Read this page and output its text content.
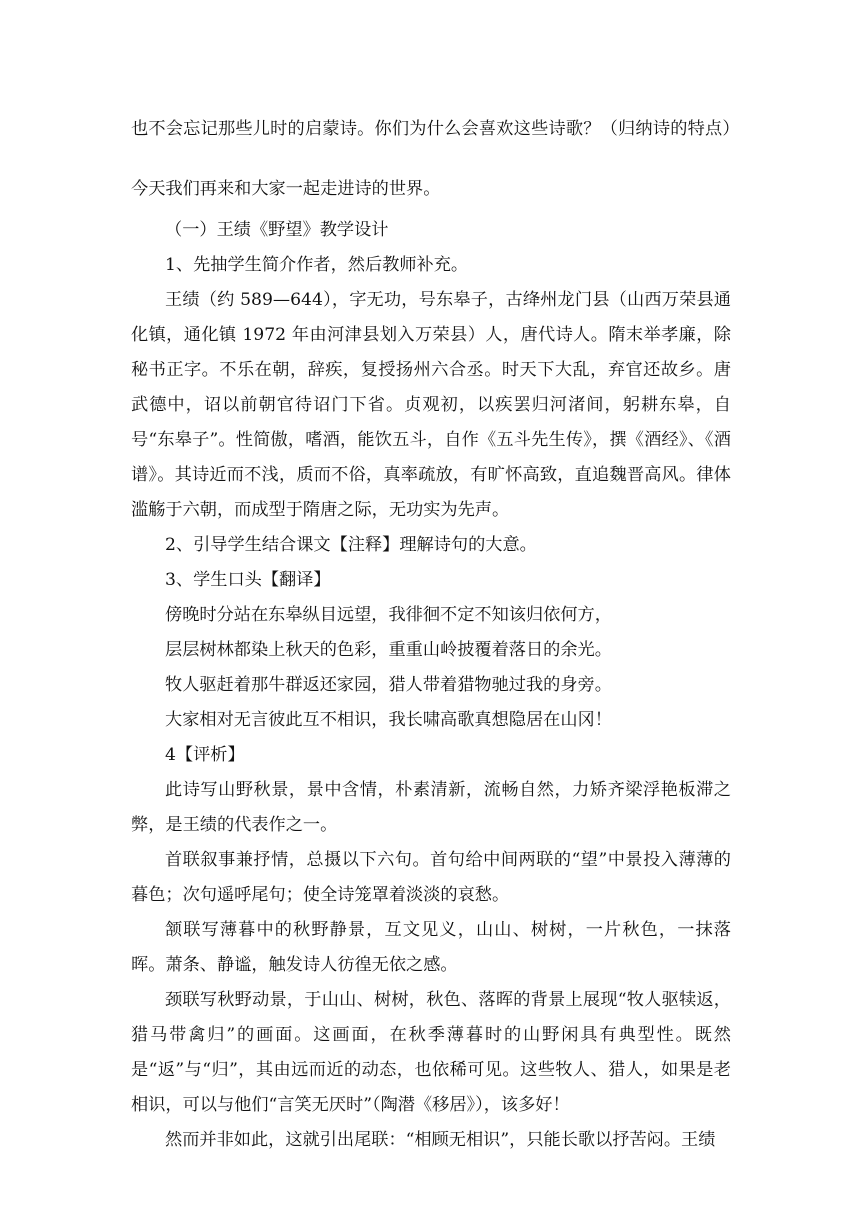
也不会忘记那些儿时的启蒙诗。你们为什么会喜欢这些诗歌？（归纳诗的特点）今天我们再来和大家一起走进诗的世界。

（一）王绩《野望》教学设计

1、先抽学生简介作者，然后教师补充。

王绩（约 589—644），字无功，号东皋子，古绛州龙门县（山西万荣县通化镇，通化镇 1972 年由河津县划入万荣县）人，唐代诗人。隋末举孝廉，除秘书正字。不乐在朝，辞疾，复授扬州六合丞。时天下大乱，弃官还故乡。唐武德中，诏以前朝官待诏门下省。贞观初，以疾罢归河渚间，躬耕东皋，自号“东皋子”。性简傲，嗜酒，能饮五斗，自作《五斗先生传》，撰《酒经》、《酒谱》。其诗近而不浅，质而不俗，真率疏放，有旷怀高致，直追魏晋高风。律体滥觞于六朝，而成型于隋唐之际，无功实为先声。

2、引导学生结合课文【注释】理解诗句的大意。

3、学生口头【翻译】

傍晚时分站在东皋纵目远望，我徘徊不定不知该归依何方，

层层树林都染上秋天的色彩，重重山岭披覆着落日的余光。

牧人驱赶着那牛群返还家园，猎人带着猎物驰过我的身旁。

大家相对无言彼此互不相识，我长啸高歌真想隐居在山冈！

4【评析】

此诗写山野秋景，景中含情，朴素清新，流畅自然，力矫齐梁浮艳板滞之弊，是王绩的代表作之一。

首联叙事兼抒情，总摄以下六句。首句给中间两联的“望”中景投入薄薄的暮色；次句遥呼尾句；使全诗笼罩着淡淡的哀愁。

颔联写薄暮中的秋野静景，互文见义，山山、树树，一片秋色，一抹落晖。萧条、静谧，触发诗人彷徨无依之感。

颈联写秋野动景，于山山、树树，秋色、落晖的背景上展现“牧人驱犊返，猎马带禽归”的画面。这画面，在秋季薄暮时的山野闲具有典型性。既然是“返”与“归”，其由远而近的动态，也依稀可见。这些牧人、猎人，如果是老相识，可以与他们“言笑无厌时”（陶潜《移居》），该多好！

然而并非如此，这就引出尾联：“相顾无相识”，只能长歌以抒苦闷。王绩
